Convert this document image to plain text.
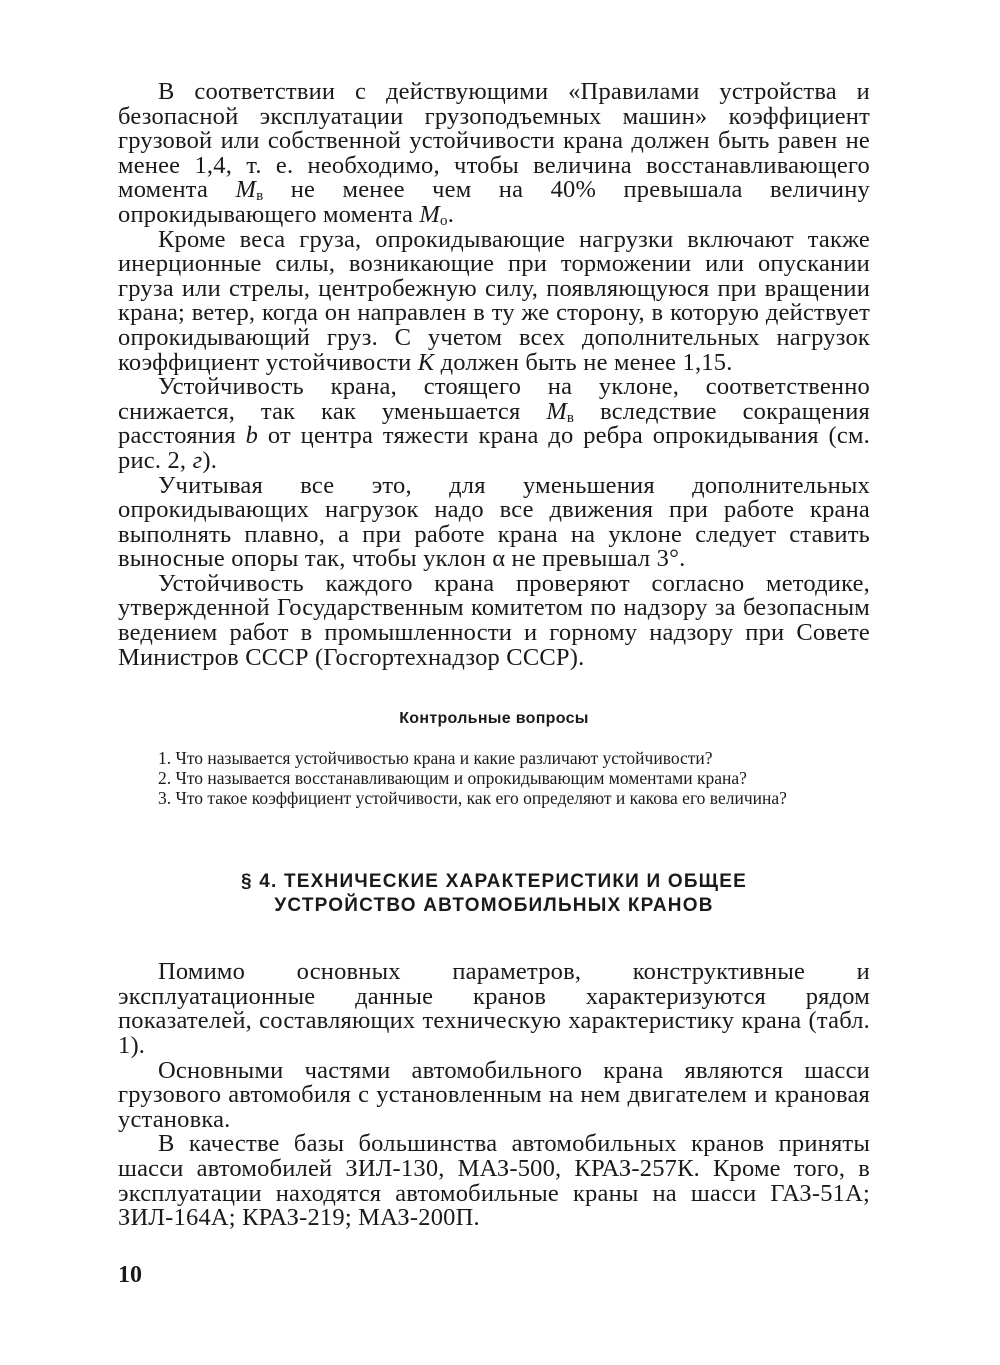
В соответствии с действующими «Правилами устройства и безопасной эксплуатации грузоподъемных машин» коэффициент грузовой или собственной устойчивости крана должен быть равен не менее 1,4, т. е. необходимо, чтобы величина восстанавливающего момента $M_в$ не менее чем на 40% превышала величину опрокидывающего момента $M_о$.

Кроме веса груза, опрокидывающие нагрузки включают также инерционные силы, возникающие при торможении или опускании груза или стрелы, центробежную силу, появляющуюся при вращении крана; ветер, когда он направлен в ту же сторону, в которую действует опрокидывающий груз. С учетом всех дополнительных нагрузок коэффициент устойчивости K должен быть не менее 1,15.

Устойчивость крана, стоящего на уклоне, соответственно снижается, так как уменьшается $M_в$ вследствие сокращения расстояния b от центра тяжести крана до ребра опрокидывания (см. рис. 2, г).

Учитывая все это, для уменьшения дополнительных опрокидывающих нагрузок надо все движения при работе крана выполнять плавно, а при работе крана на уклоне следует ставить выносные опоры так, чтобы уклон α не превышал 3°.

Устойчивость каждого крана проверяют согласно методике, утвержденной Государственным комитетом по надзору за безопасным ведением работ в промышленности и горному надзору при Совете Министров СССР (Госгортехнадзор СССР).

Контрольные вопросы

1. Что называется устойчивостью крана и какие различают устойчивости?

2. Что называется восстанавливающим и опрокидывающим моментами крана?

3. Что такое коэффициент устойчивости, как его определяют и какова его величина?

§ 4. ТЕХНИЧЕСКИЕ ХАРАКТЕРИСТИКИ И ОБЩЕЕ
УСТРОЙСТВО АВТОМОБИЛЬНЫХ КРАНОВ

Помимо основных параметров, конструктивные и эксплуатационные данные кранов характеризуются рядом показателей, составляющих техническую характеристику крана (табл. 1).

Основными частями автомобильного крана являются шасси грузового автомобиля с установленным на нем двигателем и крановая установка.

В качестве базы большинства автомобильных кранов приняты шасси автомобилей ЗИЛ-130, МАЗ-500, КРАЗ-257К. Кроме того, в эксплуатации находятся автомобильные краны на шасси ГАЗ-51А; ЗИЛ-164А; КРАЗ-219; МАЗ-200П.

10
